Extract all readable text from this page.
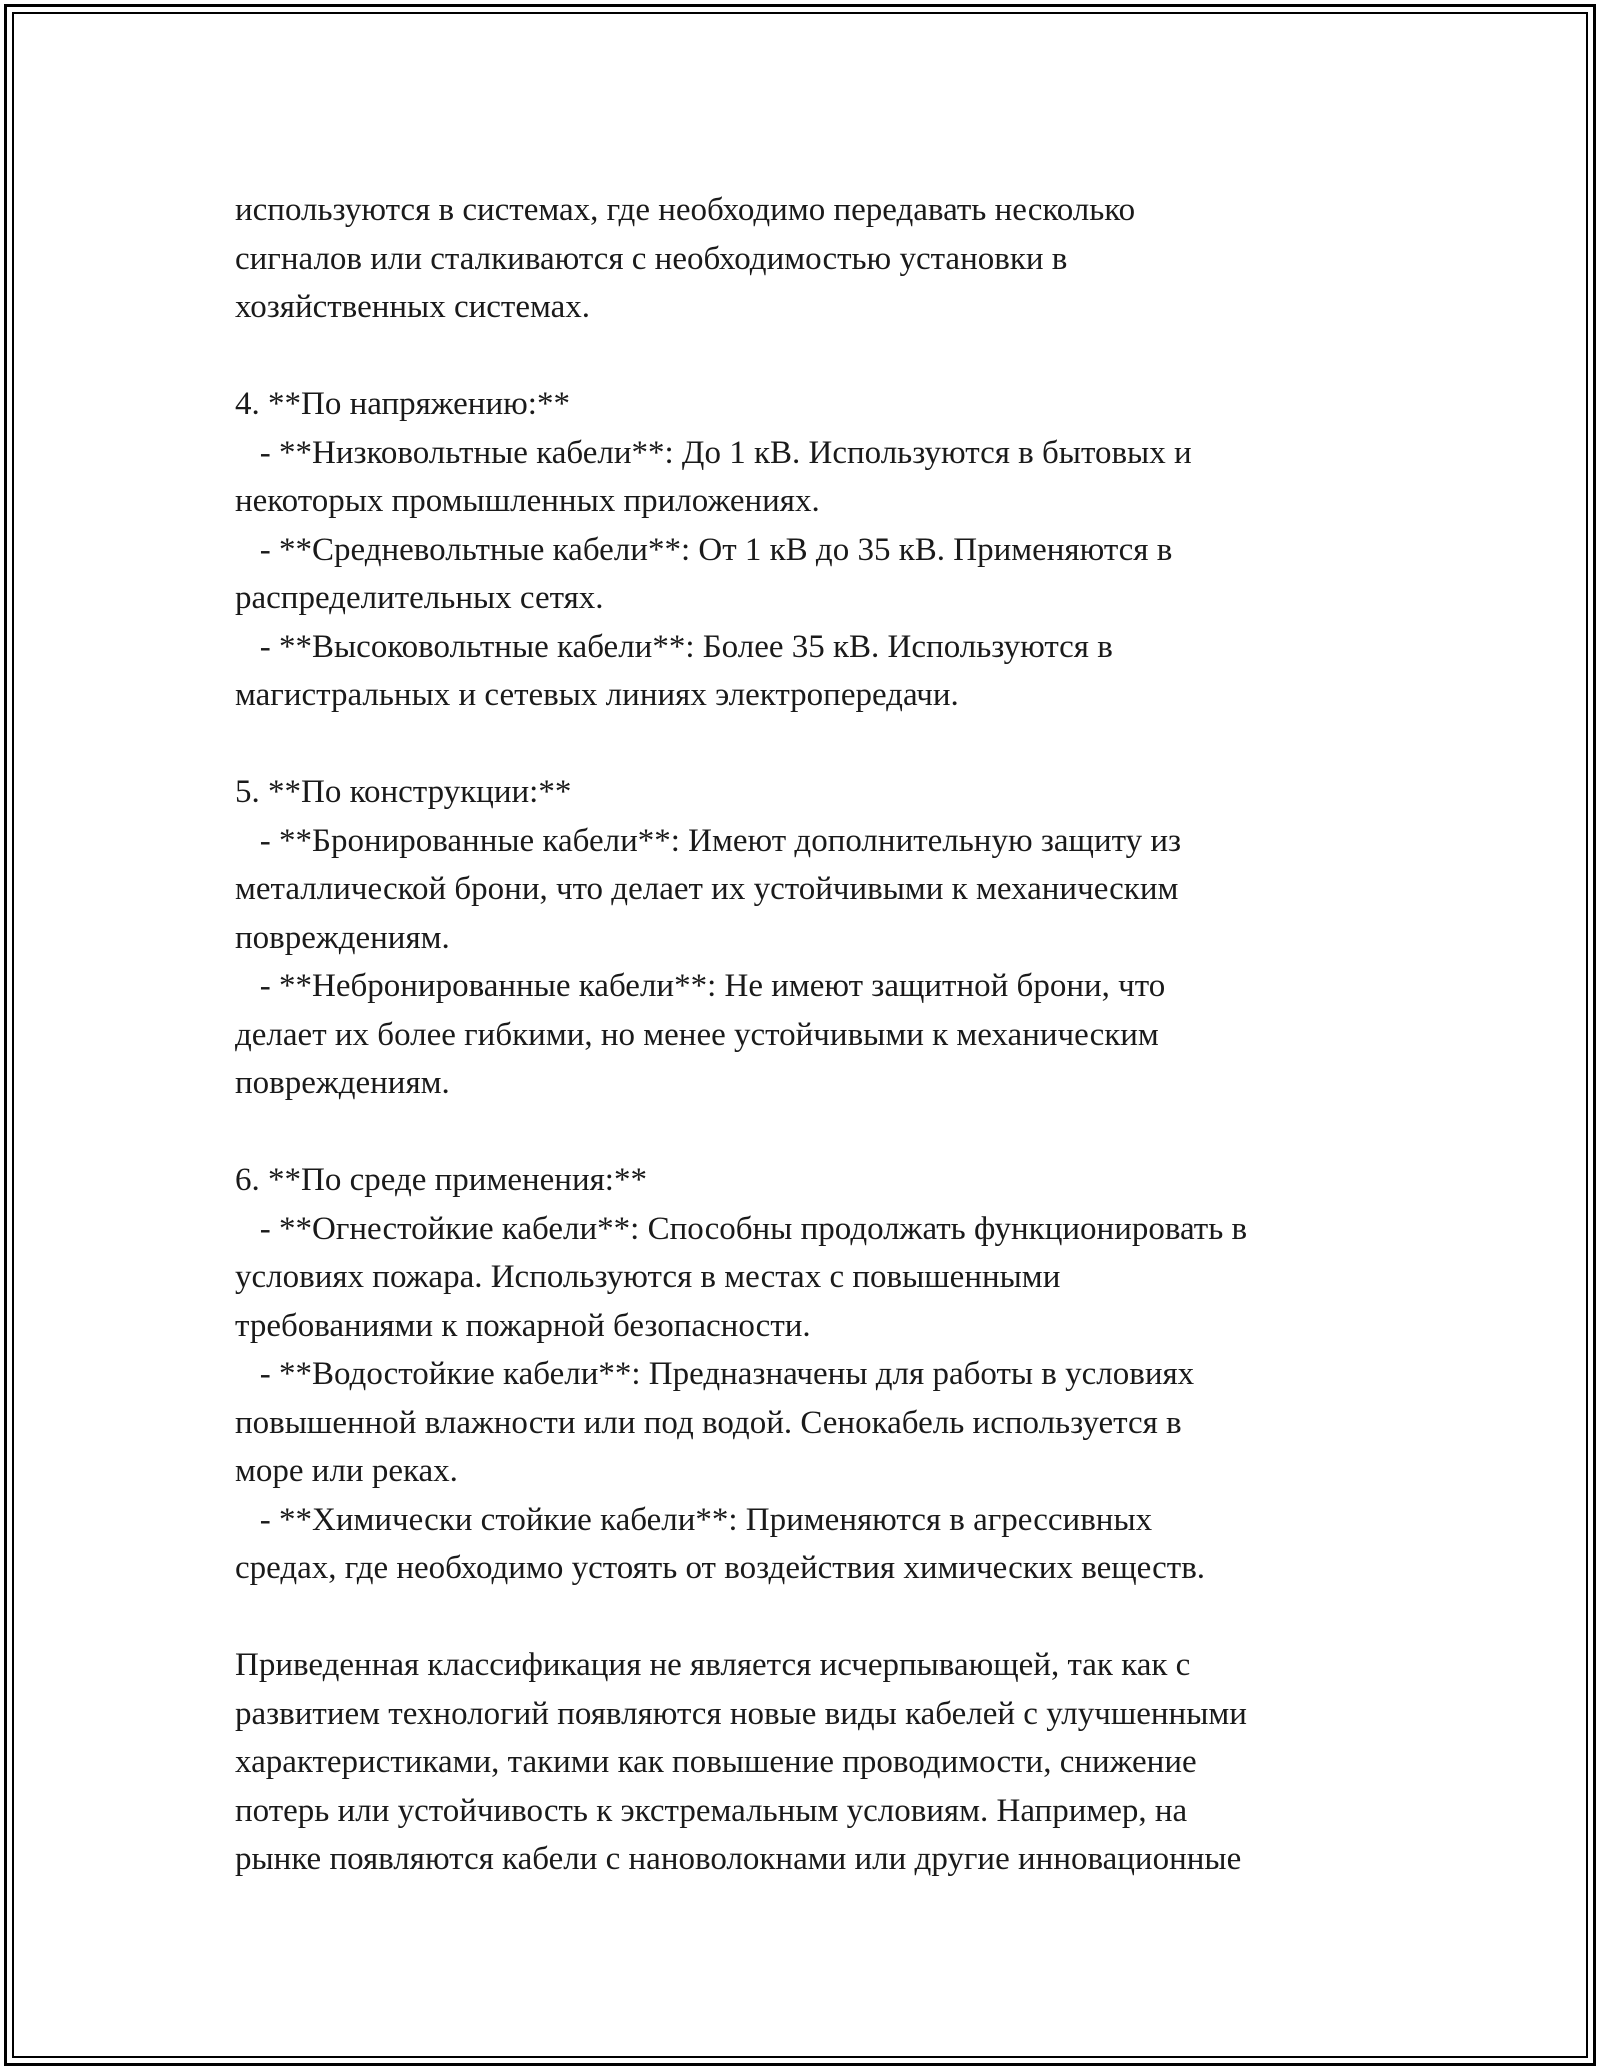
используются в системах, где необходимо передавать несколько
сигналов или сталкиваются с необходимостью установки в
хозяйственных системах.
4. **По напряжению:**
- **Низковольтные кабели**: До 1 кВ. Используются в бытовых и
некоторых промышленных приложениях.
- **Средневольтные кабели**: От 1 кВ до 35 кВ. Применяются в
распределительных сетях.
- **Высоковольтные кабели**: Более 35 кВ. Используются в
магистральных и сетевых линиях электропередачи.
5. **По конструкции:**
- **Бронированные кабели**: Имеют дополнительную защиту из
металлической брони, что делает их устойчивыми к механическим
повреждениям.
- **Небронированные кабели**: Не имеют защитной брони, что
делает их более гибкими, но менее устойчивыми к механическим
повреждениям.
6. **По среде применения:**
- **Огнестойкие кабели**: Способны продолжать функционировать в
условиях пожара. Используются в местах с повышенными
требованиями к пожарной безопасности.
- **Водостойкие кабели**: Предназначены для работы в условиях
повышенной влажности или под водой. Сенокабель используется в
море или реках.
- **Химически стойкие кабели**: Применяются в агрессивных
средах, где необходимо устоять от воздействия химических веществ.
Приведенная классификация не является исчерпывающей, так как с
развитием технологий появляются новые виды кабелей с улучшенными
характеристиками, такими как повышение проводимости, снижение
потерь или устойчивость к экстремальным условиям. Например, на
рынке появляются кабели с нановолокнами или другие инновационные
